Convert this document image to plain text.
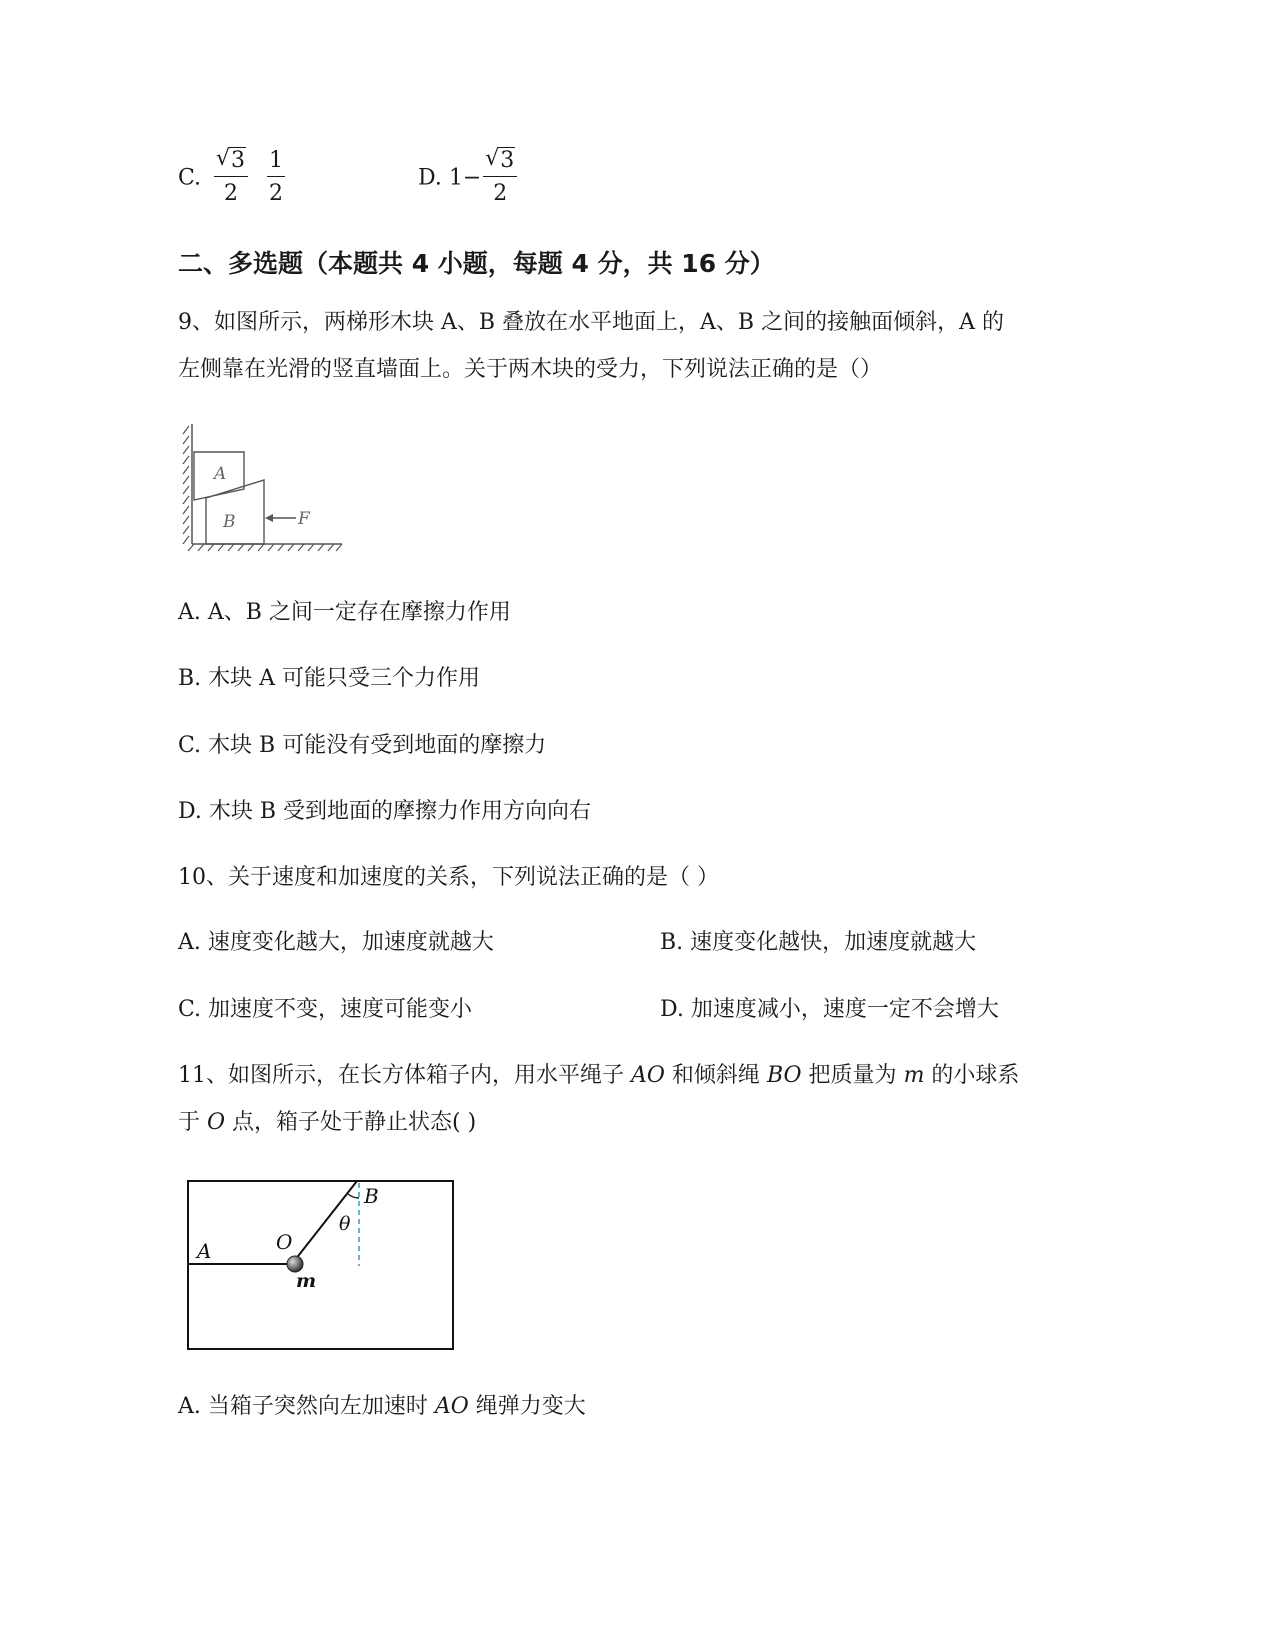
C. √ $\frac{3}{2}$
$\frac{1}{2}$	D. 1− √ $\frac{3}{2}$
二、多选题（本题共 4 小题，每题 4 分，共 16 分）
9、如图所示，两梯形木块 A、B 叠放在水平地面上，A、B 之间的接触面倾斜，A 的
左侧靠在光滑的竖直墙面上。关于两木块的受力，下列说法正确的是（）
A
B	F
A. A、B 之间一定存在摩擦力作用
B. 木块 A 可能只受三个力作用
C. 木块 B 可能没有受到地面的摩擦力
D. 木块 B 受到地面的摩擦力作用方向向右
10、关于速度和加速度的关系，下列说法正确的是（ ）
A. 速度变化越大，加速度就越大	B. 速度变化越快，加速度就越大
C. 加速度不变，速度可能变小	D. 加速度减小，速度一定不会增大
11、如图所示，在长方体箱子内，用水平绳子 AO 和倾斜绳 BO 把质量为 m 的小球系
于 O 点，箱子处于静止状态( )
A	O
B
θ
m
A. 当箱子突然向左加速时 AO 绳弹力变大
